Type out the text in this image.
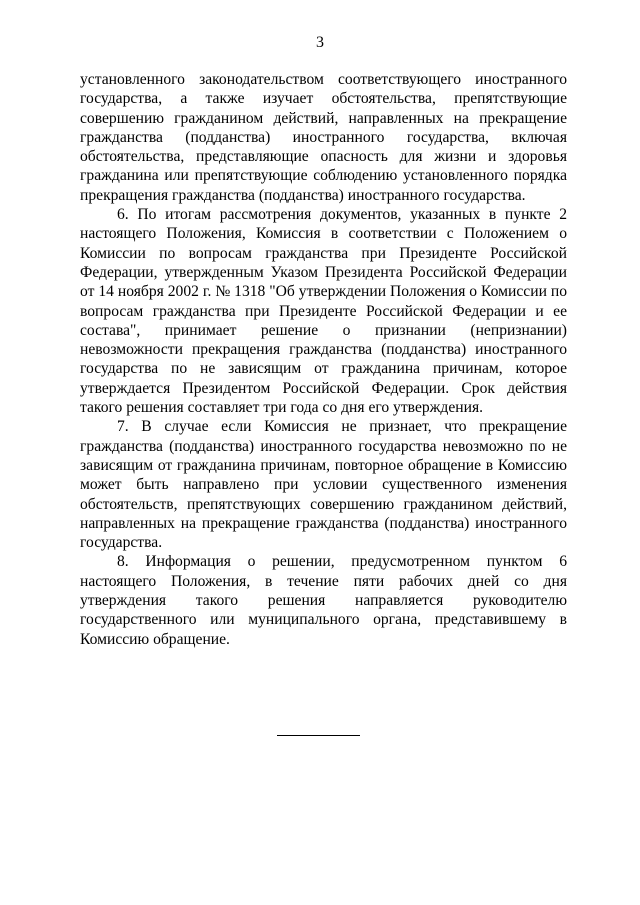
3

установленного законодательством соответствующего иностранного государства, а также изучает обстоятельства, препятствующие совершению гражданином действий, направленных на прекращение гражданства (подданства) иностранного государства, включая обстоятельства, представляющие опасность для жизни и здоровья гражданина или препятствующие соблюдению установленного порядка прекращения гражданства (подданства) иностранного государства.

6. По итогам рассмотрения документов, указанных в пункте 2 настоящего Положения, Комиссия в соответствии с Положением о Комиссии по вопросам гражданства при Президенте Российской Федерации, утвержденным Указом Президента Российской Федерации от 14 ноября 2002 г. № 1318 "Об утверждении Положения о Комиссии по вопросам гражданства при Президенте Российской Федерации и ее состава", принимает решение о признании (непризнании) невозможности прекращения гражданства (подданства) иностранного государства по не зависящим от гражданина причинам, которое утверждается Президентом Российской Федерации. Срок действия такого решения составляет три года со дня его утверждения.

7. В случае если Комиссия не признает, что прекращение гражданства (подданства) иностранного государства невозможно по не зависящим от гражданина причинам, повторное обращение в Комиссию может быть направлено при условии существенного изменения обстоятельств, препятствующих совершению гражданином действий, направленных на прекращение гражданства (подданства) иностранного государства.

8. Информация о решении, предусмотренном пунктом 6 настоящего Положения, в течение пяти рабочих дней со дня утверждения такого решения направляется руководителю государственного или муниципального органа, представившему в Комиссию обращение.
